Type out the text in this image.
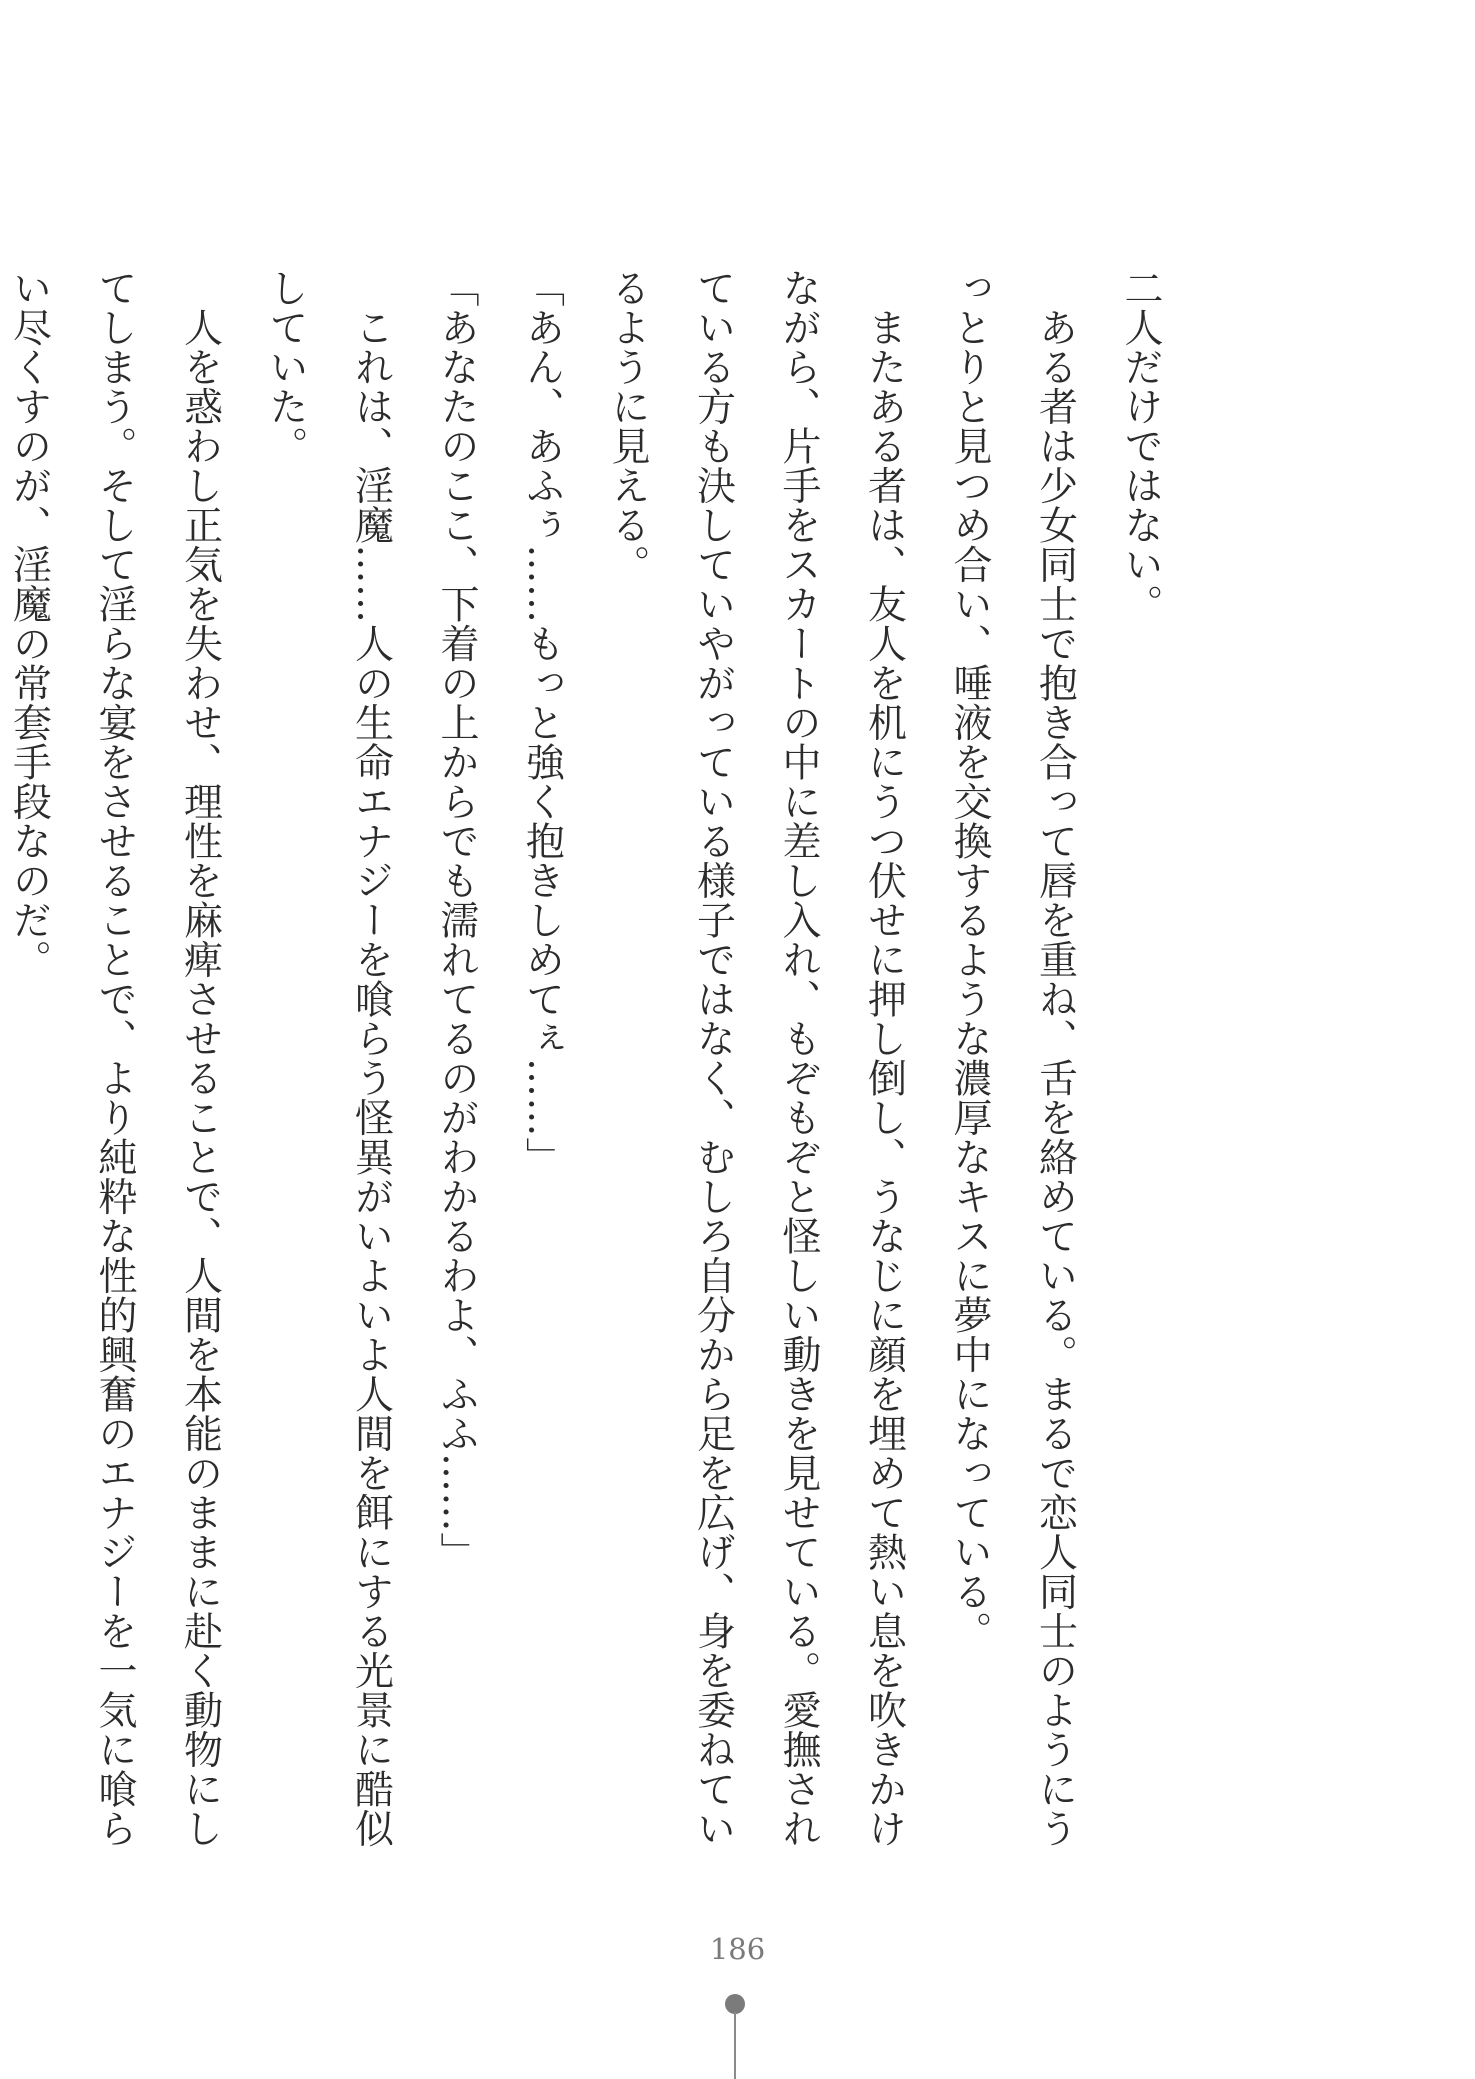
二人だけではない。
　ある者は少女同士で抱き合って唇を重ね、舌を絡めている。まるで恋人同士のようにう
っとりと見つめ合い、唾液を交換するような濃厚なキスに夢中になっている。
　またある者は、友人を机にうつ伏せに押し倒し、うなじに顔を埋めて熱い息を吹きかけ
ながら、片手をスカートの中に差し入れ、もぞもぞと怪しい動きを見せている。愛撫され
ている方も決していやがっている様子ではなく、むしろ自分から足を広げ、身を委ねてい
るように見える。
「あん、あふぅ……もっと強く抱きしめてぇ……」
「あなたのここ、下着の上からでも濡れてるのがわかるわよ、ふふ……」
　これは、淫魔……人の生命エナジーを喰らう怪異がいよいよ人間を餌にする光景に酷似
していた。
　人を惑わし正気を失わせ、理性を麻痺させることで、人間を本能のままに赴く動物にし
てしまう。そして淫らな宴をさせることで、より純粋な性的興奮のエナジーを一気に喰ら
い尽くすのが、淫魔の常套手段なのだ。
186
